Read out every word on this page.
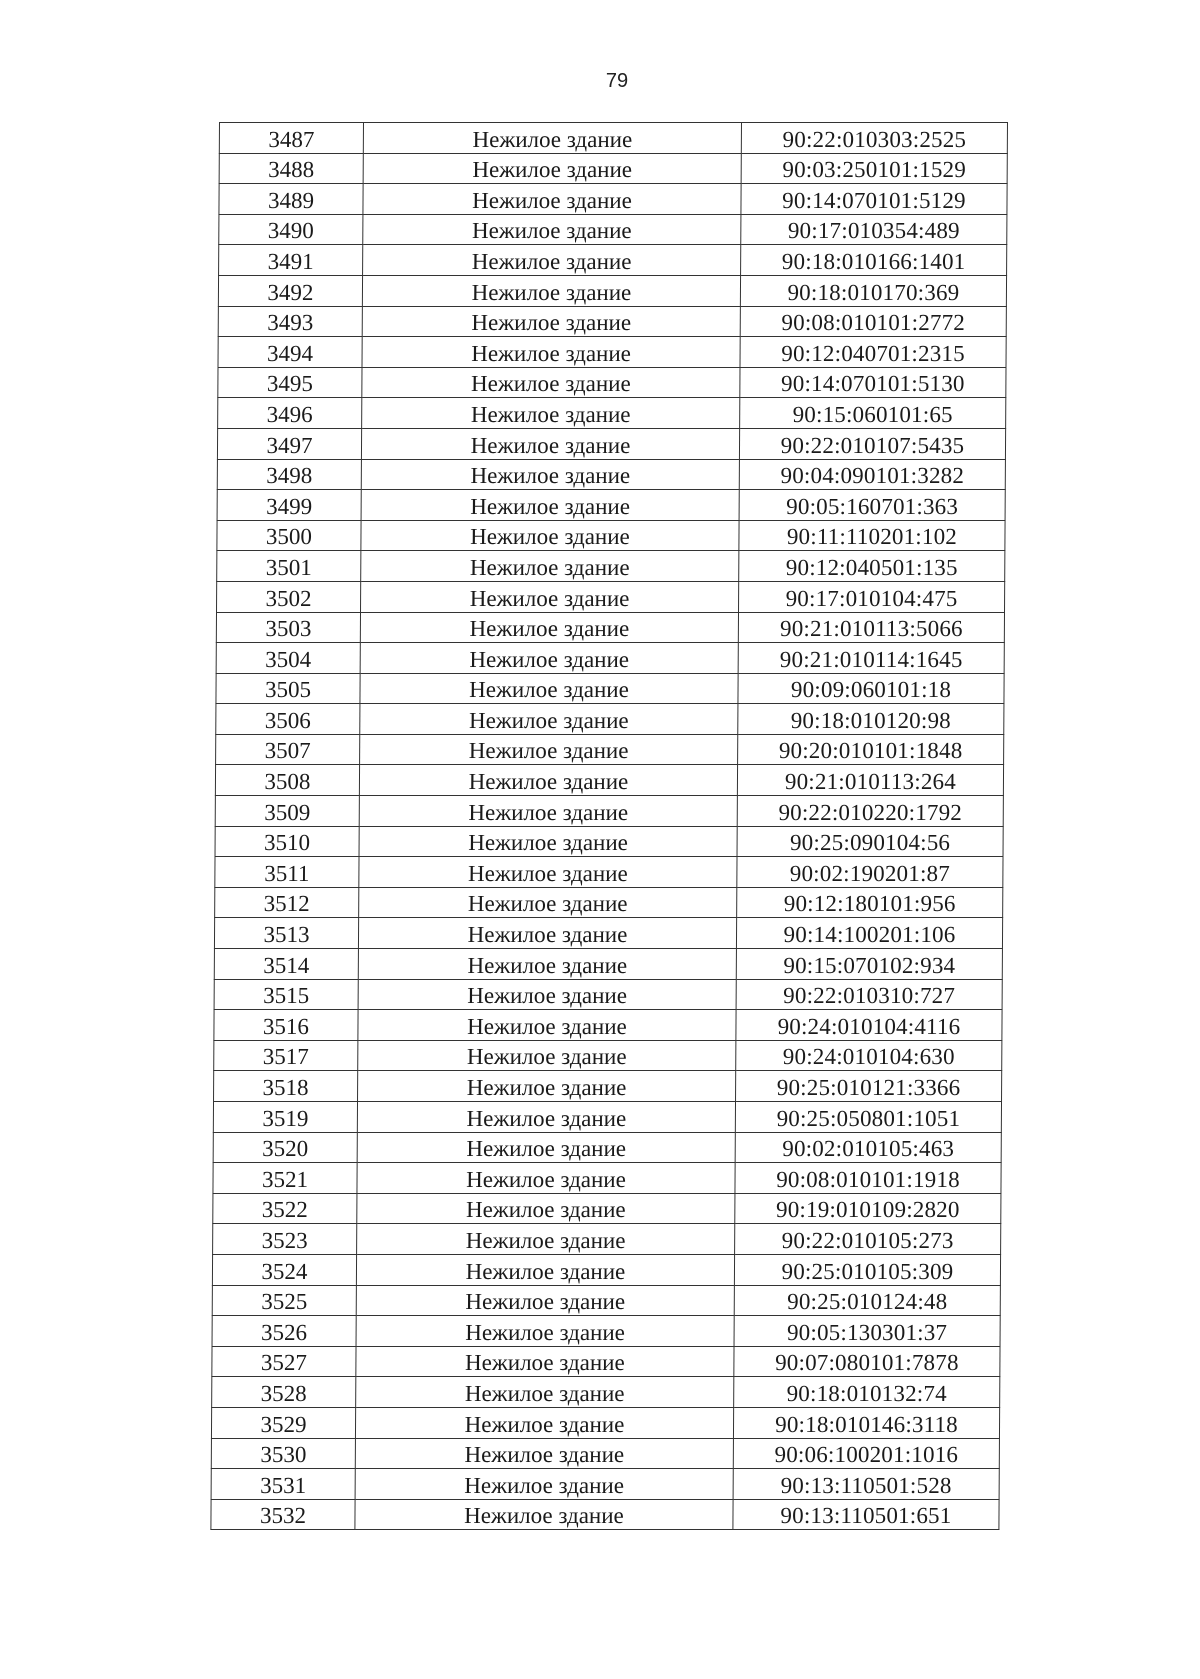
79
3487	Нежилое здание	90:22:010303:2525
3488	Нежилое здание	90:03:250101:1529
3489	Нежилое здание	90:14:070101:5129
3490	Нежилое здание	90:17:010354:489
3491	Нежилое здание	90:18:010166:1401
3492	Нежилое здание	90:18:010170:369
3493	Нежилое здание	90:08:010101:2772
3494	Нежилое здание	90:12:040701:2315
3495	Нежилое здание	90:14:070101:5130
3496	Нежилое здание	90:15:060101:65
3497	Нежилое здание	90:22:010107:5435
3498	Нежилое здание	90:04:090101:3282
3499	Нежилое здание	90:05:160701:363
3500	Нежилое здание	90:11:110201:102
3501	Нежилое здание	90:12:040501:135
3502	Нежилое здание	90:17:010104:475
3503	Нежилое здание	90:21:010113:5066
3504	Нежилое здание	90:21:010114:1645
3505	Нежилое здание	90:09:060101:18
3506	Нежилое здание	90:18:010120:98
3507	Нежилое здание	90:20:010101:1848
3508	Нежилое здание	90:21:010113:264
3509	Нежилое здание	90:22:010220:1792
3510	Нежилое здание	90:25:090104:56
3511	Нежилое здание	90:02:190201:87
3512	Нежилое здание	90:12:180101:956
3513	Нежилое здание	90:14:100201:106
3514	Нежилое здание	90:15:070102:934
3515	Нежилое здание	90:22:010310:727
3516	Нежилое здание	90:24:010104:4116
3517	Нежилое здание	90:24:010104:630
3518	Нежилое здание	90:25:010121:3366
3519	Нежилое здание	90:25:050801:1051
3520	Нежилое здание	90:02:010105:463
3521	Нежилое здание	90:08:010101:1918
3522	Нежилое здание	90:19:010109:2820
3523	Нежилое здание	90:22:010105:273
3524	Нежилое здание	90:25:010105:309
3525	Нежилое здание	90:25:010124:48
3526	Нежилое здание	90:05:130301:37
3527	Нежилое здание	90:07:080101:7878
3528	Нежилое здание	90:18:010132:74
3529	Нежилое здание	90:18:010146:3118
3530	Нежилое здание	90:06:100201:1016
3531	Нежилое здание	90:13:110501:528
3532	Нежилое здание	90:13:110501:651
